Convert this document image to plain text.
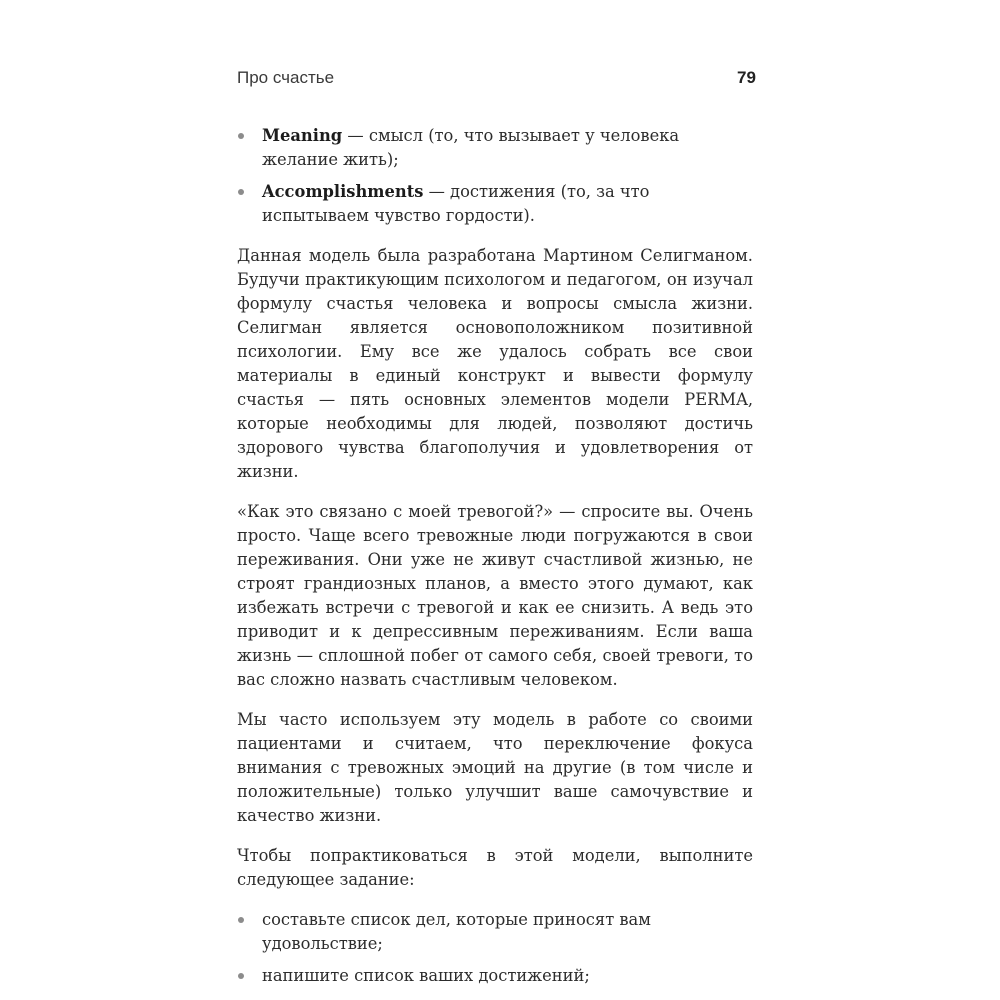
Про счастье	79
Meaning — смысл (то, что вызывает у человека желание жить);
Accomplishments — достижения (то, за что испытываем чувство гордости).

Данная модель была разработана Мартином Селигманом. Будучи практикующим психологом и педагогом, он изучал формулу счастья человека и вопросы смысла жизни. Селигман является основоположником позитивной психологии. Ему все же удалось собрать все свои материалы в единый конструкт и вывести формулу счастья — пять основных элементов модели PERMA, которые необходимы для людей, позволяют достичь здорового чувства благополучия и удовлетворения от жизни.

«Как это связано с моей тревогой?» — спросите вы. Очень просто. Чаще всего тревожные люди погружаются в свои переживания. Они уже не живут счастливой жизнью, не строят грандиозных планов, а вместо этого думают, как избежать встречи с тревогой и как ее снизить. А ведь это приводит и к депрессивным переживаниям. Если ваша жизнь — сплошной побег от самого себя, своей тревоги, то вас сложно назвать счастливым человеком.

Мы часто используем эту модель в работе со своими пациентами и считаем, что переключение фокуса внимания с тревожных эмоций на другие (в том числе и положительные) только улучшит ваше самочувствие и качество жизни.

Чтобы попрактиковаться в этой модели, выполните следующее задание:

составьте список дел, которые приносят вам удовольствие;
напишите список ваших достижений;
